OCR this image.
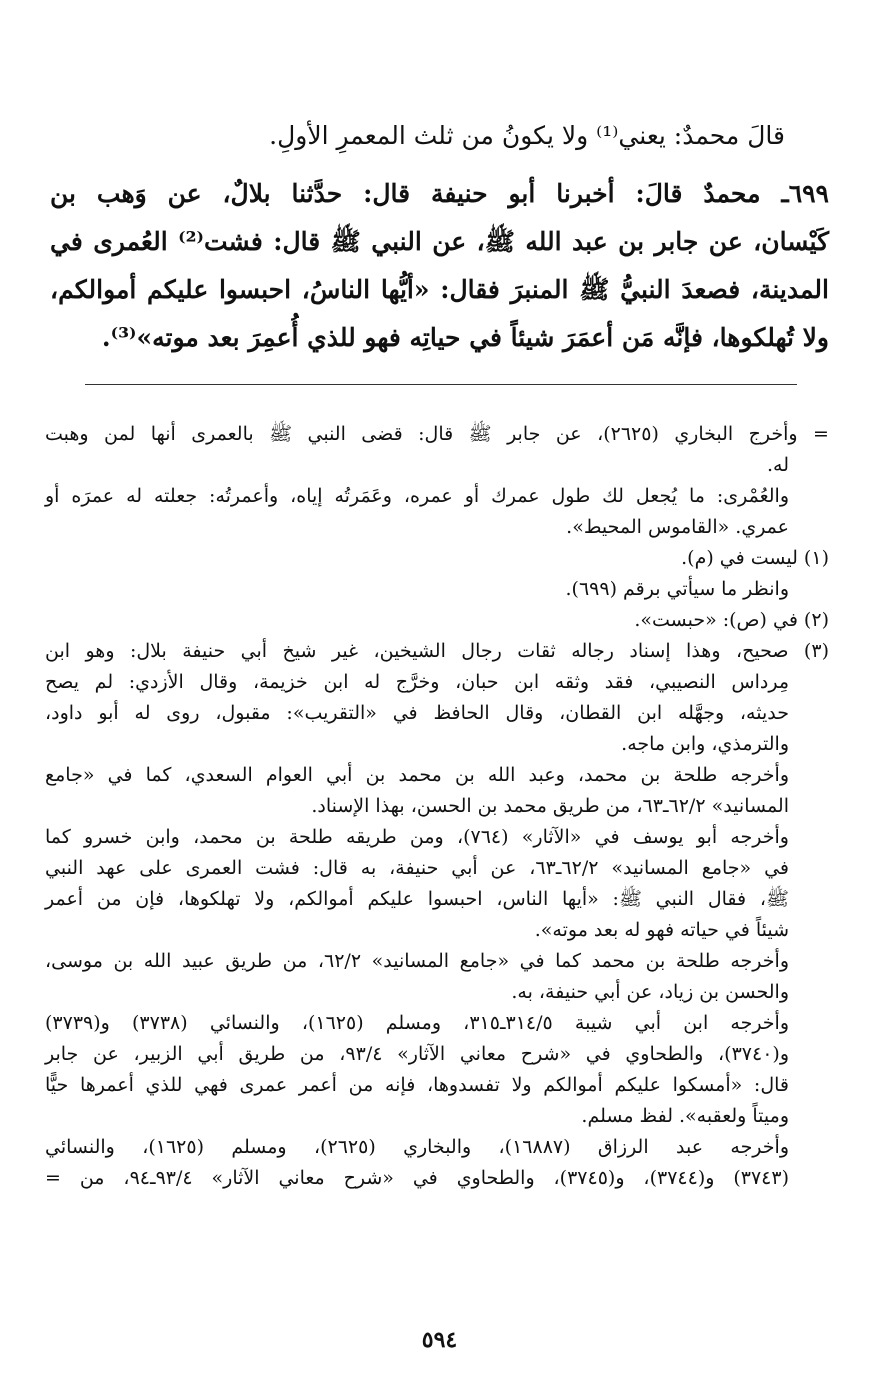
قالَ محمدٌ: يعني⁽¹⁾ ولا يكونُ من ثلث المعمرِ الأولِ.

٦٩٩ـ محمدٌ قالَ: أخبرنا أبو حنيفة قال: حدَّثنا بلالٌ، عن وَهب بن

كَيْسان، عن جابر بن عبد الله ﷺ، عن النبي ﷺ قال: فشت⁽²⁾ العُمرى في

المدينة، فصعدَ النبيُّ ﷺ المنبرَ فقال: «أيُّها الناسُ، احبسوا عليكم أموالكم،

ولا تُهلكوها، فإنَّه مَن أعمَرَ شيئاً في حياتِه فهو للذي أُعمِرَ بعد موته»⁽³⁾.

= وأخرج البخاري (٢٦٢٥)، عن جابر ﷺ قال: قضى النبي ﷺ بالعمرى أنها لمن وهبت

له.

والعُمْرى: ما يُجعل لك طول عمرك أو عمره، وعَمَرتُه إياه، وأعمرتُه: جعلته له عمرَه أو

عمري. «القاموس المحيط».

(١) ليست في (م).

وانظر ما سيأتي برقم (٦٩٩).

(٢) في (ص): «حبست».

(٣) صحيح، وهذا إسناد رجاله ثقات رجال الشيخين، غير شيخ أبي حنيفة بلال: وهو ابن

مِرداس النصيبي، فقد وثقه ابن حبان، وخرَّج له ابن خزيمة، وقال الأزدي: لم يصح

حديثه، وجهَّله ابن القطان، وقال الحافظ في «التقريب»: مقبول، روى له أبو داود،

والترمذي، وابن ماجه.

وأخرجه طلحة بن محمد، وعبد الله بن محمد بن أبي العوام السعدي، كما في «جامع

المسانيد» ٦٢/٢ـ٦٣، من طريق محمد بن الحسن، بهذا الإسناد.

وأخرجه أبو يوسف في «الآثار» (٧٦٤)، ومن طريقه طلحة بن محمد، وابن خسرو كما

في «جامع المسانيد» ٦٢/٢ـ٦٣، عن أبي حنيفة، به قال: فشت العمرى على عهد النبي

ﷺ، فقال النبي ﷺ: «أيها الناس، احبسوا عليكم أموالكم، ولا تهلكوها، فإن من أعمر

شيئاً في حياته فهو له بعد موته».

وأخرجه طلحة بن محمد كما في «جامع المسانيد» ٦٢/٢، من طريق عبيد الله بن موسى،

والحسن بن زياد، عن أبي حنيفة، به.

وأخرجه ابن أبي شيبة ٣١٤/٥ـ٣١٥، ومسلم (١٦٢٥)، والنسائي (٣٧٣٨) و(٣٧٣٩)

و(٣٧٤٠)، والطحاوي في «شرح معاني الآثار» ٩٣/٤، من طريق أبي الزبير، عن جابر

قال: «أمسكوا عليكم أموالكم ولا تفسدوها، فإنه من أعمر عمرى فهي للذي أعمرها حيًّا

وميتاً ولعقبه». لفظ مسلم.

وأخرجه عبد الرزاق (١٦٨٨٧)، والبخاري (٢٦٢٥)، ومسلم (١٦٢٥)، والنسائي

(٣٧٤٣) و(٣٧٤٤)، و(٣٧٤٥)، والطحاوي في «شرح معاني الآثار» ٩٣/٤ـ٩٤، من =

٥٩٤
